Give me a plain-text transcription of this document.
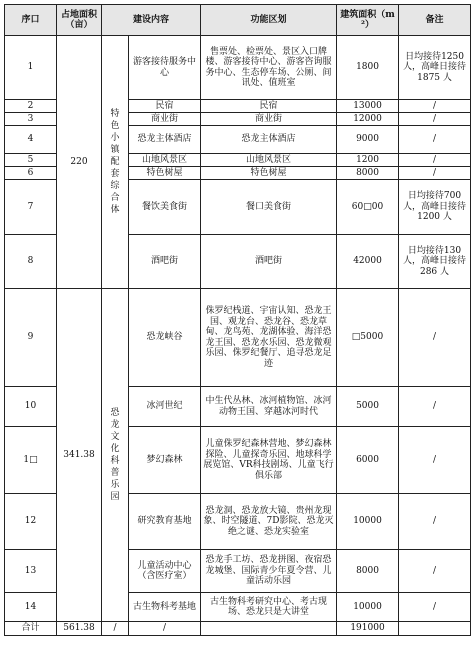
序口	占地面积（亩）	建设内容		功能区划	建筑面积（m²）	备注
1	220	特色小镇配套综合体	游客接待服务中心	售票处、检票处、景区入口牌楼、游客接待中心、游客咨询服务中心、生态停车场、公厕、间讯处、值班室	1800	日均接待1250 人，高峰日接待1875 人
2			民宿	民宿	13000	/
3			商业街	商业街	12000	/
4			恐龙主体酒店	恐龙主体酒店	9000	/
5			山地风景区	山地风景区	1200	/
6			特色树屋	特色树屋	8000	/
7			餐饮美食街	餐口美食街	60□00	日均接待700 人，高峰日接待 1200 人
8			酒吧街	酒吧街	42000	日均接待130 人，高峰日接待 286 人
9	341.38	恐龙文化科普乐园	恐龙峡谷	侏罗纪栈道、宇宙认知、恐龙王国、观龙台、恐龙谷、恐龙草甸、龙鸟苑、龙湖体验、海洋恐龙王国、恐龙水乐园、恐龙微观乐园、侏罗纪餐厅、追寻恐龙足迹	□5000	/
10			冰河世纪	中生代丛林、冰河植物馆、冰河动物王国、穿越冰河时代	5000	/
1□			梦幻森林	儿童侏罗纪森林营地、梦幻森林探险、儿童探奇乐园、地球科学展览馆、VR科技剧场、儿童飞行俱乐部	6000	/
12			研究教育基地	恐龙洞、恐龙放大镜、贵州龙现象、时空隧道、7D影院、恐龙灭绝之谜、恐龙实验室	10000	/
13			儿童活动中心（含医疗室）	恐龙手工坊、恐龙拼图、夜宿恐龙城堡、国际青少年夏令营、儿童活动乐园	8000	/
14			古生物科考基地	古生物科考研究中心、考古现场、恐龙只是大讲堂	10000	/
合计	561.38	/	/		191000	
